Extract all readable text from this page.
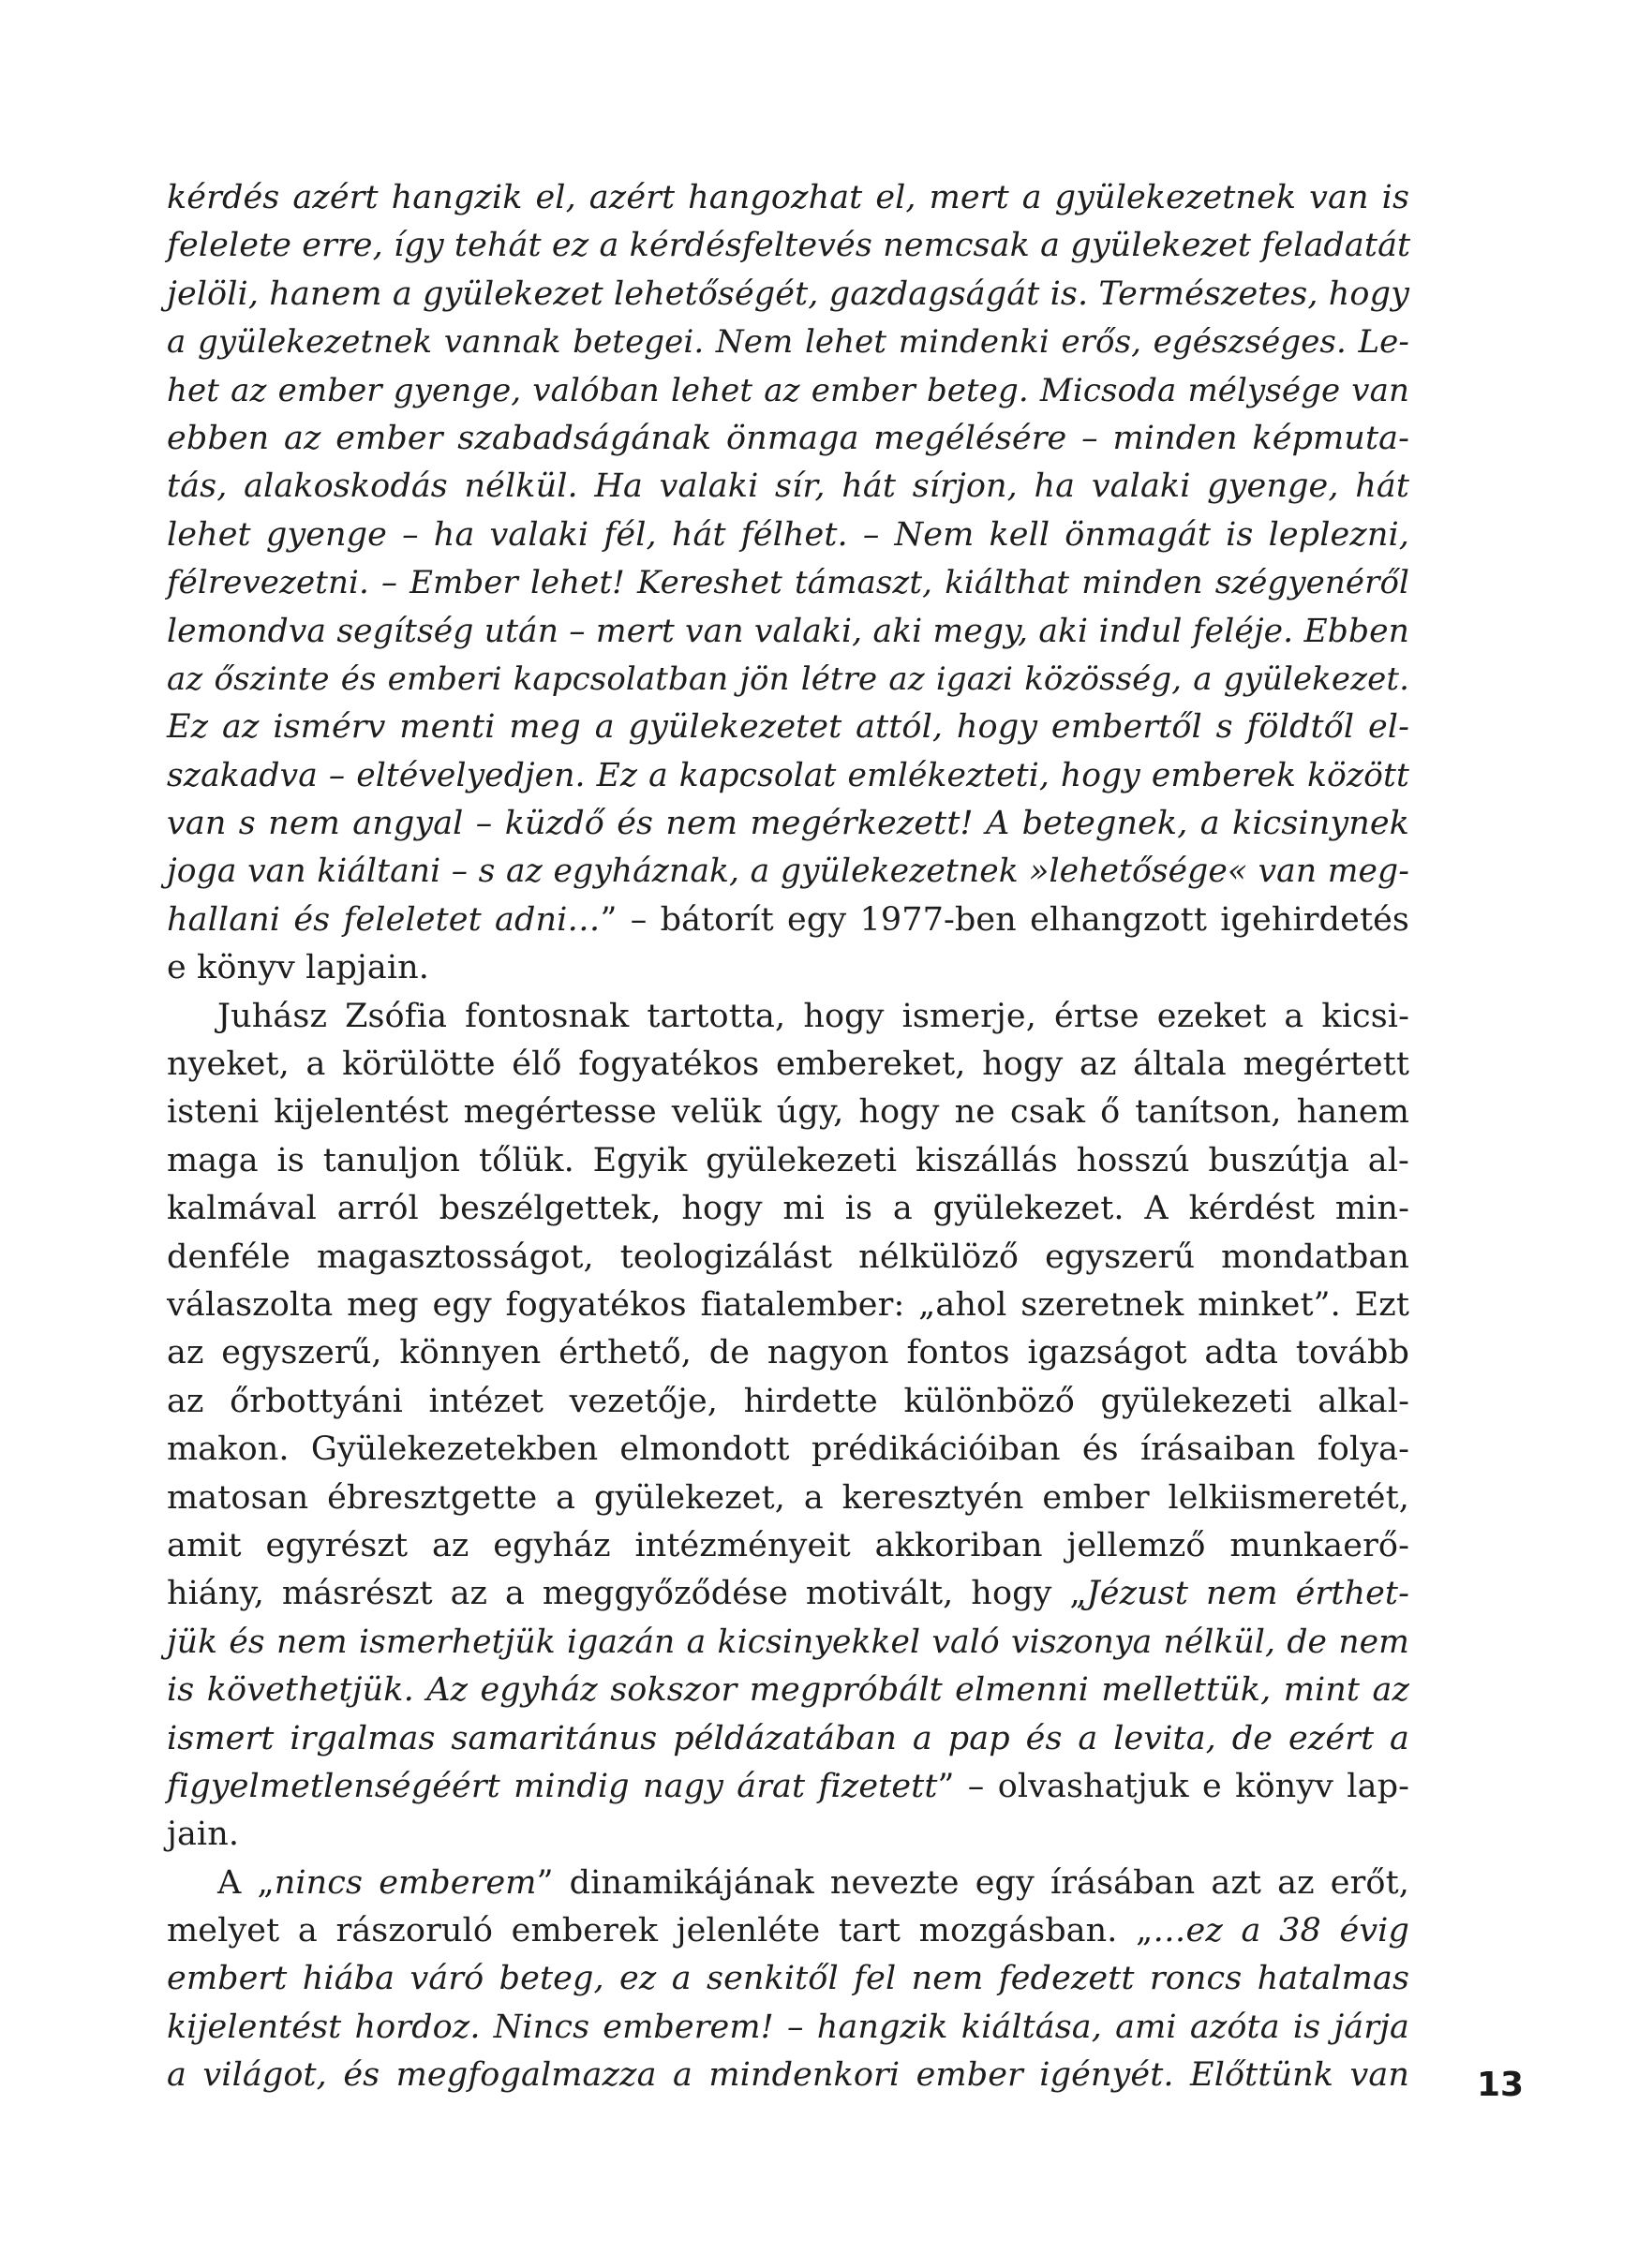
kérdés azért hangzik el, azért hangozhat el, mert a gyülekezetnek van is
felelete erre, így tehát ez a kérdésfeltevés nemcsak a gyülekezet feladatát
jelöli, hanem a gyülekezet lehetőségét, gazdagságát is. Természetes, hogy
a gyülekezetnek vannak betegei. Nem lehet mindenki erős, egészséges. Le-
het az ember gyenge, valóban lehet az ember beteg. Micsoda mélysége van
ebben az ember szabadságának önmaga megélésére – minden képmuta-
tás, alakoskodás nélkül. Ha valaki sír, hát sírjon, ha valaki gyenge, hát
lehet gyenge – ha valaki fél, hát félhet. – Nem kell önmagát is leplezni,
félrevezetni. – Ember lehet! Kereshet támaszt, kiálthat minden szégyenéről
lemondva segítség után – mert van valaki, aki megy, aki indul feléje. Ebben
az őszinte és emberi kapcsolatban jön létre az igazi közösség, a gyülekezet.
Ez az ismérv menti meg a gyülekezetet attól, hogy embertől s földtől el-
szakadva – eltévelyedjen. Ez a kapcsolat emlékezteti, hogy emberek között
van s nem angyal – küzdő és nem megérkezett! A betegnek, a kicsinynek
joga van kiáltani – s az egyháznak, a gyülekezetnek »lehetősége« van meg-
hallani és feleletet adni…” – bátorít egy 1977-ben elhangzott igehirdetés
e könyv lapjain.
Juhász Zsófia fontosnak tartotta, hogy ismerje, értse ezeket a kicsi-
nyeket, a körülötte élő fogyatékos embereket, hogy az általa megértett
isteni kijelentést megértesse velük úgy, hogy ne csak ő tanítson, hanem
maga is tanuljon tőlük. Egyik gyülekezeti kiszállás hosszú buszútja al-
kalmával arról beszélgettek, hogy mi is a gyülekezet. A kérdést min-
denféle magasztosságot, teologizálást nélkülöző egyszerű mondatban
válaszolta meg egy fogyatékos fiatalember: „ahol szeretnek minket”. Ezt
az egyszerű, könnyen érthető, de nagyon fontos igazságot adta tovább
az őrbottyáni intézet vezetője, hirdette különböző gyülekezeti alkal-
makon. Gyülekezetekben elmondott prédikációiban és írásaiban folya-
matosan ébresztgette a gyülekezet, a keresztyén ember lelkiismeretét,
amit egyrészt az egyház intézményeit akkoriban jellemző munkaerő-
hiány, másrészt az a meggyőződése motivált, hogy „Jézust nem érthet-
jük és nem ismerhetjük igazán a kicsinyekkel való viszonya nélkül, de nem
is követhetjük. Az egyház sokszor megpróbált elmenni mellettük, mint az
ismert irgalmas samaritánus példázatában a pap és a levita, de ezért a
figyelmetlenségéért mindig nagy árat fizetett” – olvashatjuk e könyv lap-
jain.
A „nincs emberem” dinamikájának nevezte egy írásában azt az erőt,
melyet a rászoruló emberek jelenléte tart mozgásban. „…ez a 38 évig
embert hiába váró beteg, ez a senkitől fel nem fedezett roncs hatalmas
kijelentést hordoz. Nincs emberem! – hangzik kiáltása, ami azóta is járja
a világot, és megfogalmazza a mindenkori ember igényét. Előttünk van 13
